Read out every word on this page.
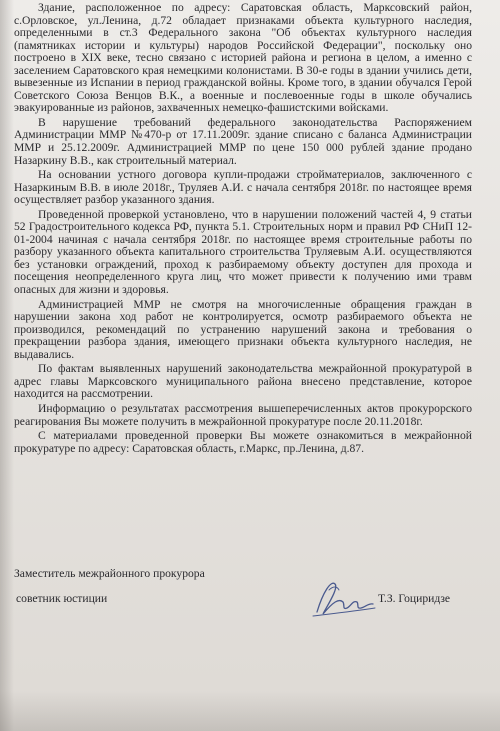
Здание, расположенное по адресу: Саратовская область, Марксовский район, с.Орловское, ул.Ленина, д.72 обладает признаками объекта культурного наследия, определенными в ст.3 Федерального закона "Об объектах культурного наследия (памятниках истории и культуры) народов Российской Федерации", поскольку оно построено в XIX веке, тесно связано с историей района и региона в целом, а именно с заселением Саратовского края немецкими колонистами. В 30-е годы в здании учились дети, вывезенные из Испании в период гражданской войны. Кроме того, в здании обучался Герой Советского Союза Венцов В.К., а военные и послевоенные годы в школе обучались эвакуированные из районов, захваченных немецко-фашистскими войсками.

В нарушение требований федерального законодательства Распоряжением Администрации ММР №470-р от 17.11.2009г. здание списано с баланса Администрации ММР и 25.12.2009г. Администрацией ММР по цене 150 000 рублей здание продано Назаркину В.В., как строительный материал.

На основании устного договора купли-продажи стройматериалов, заключенного с Назаркиным В.В. в июле 2018г., Труляев А.И. с начала сентября 2018г. по настоящее время осуществляет разбор указанного здания.

Проведенной проверкой установлено, что в нарушении положений частей 4, 9 статьи 52 Градостроительного кодекса РФ, пункта 5.1. Строительных норм и правил РФ СНиП 12-01-2004 начиная с начала сентября 2018г. по настоящее время строительные работы по разбору указанного объекта капитального строительства Труляевым А.И. осуществляются без установки ограждений, проход к разбираемому объекту доступен для прохода и посещения неопределенного круга лиц, что может привести к получению ими травм опасных для жизни и здоровья.

Администрацией ММР не смотря на многочисленные обращения граждан в нарушении закона ход работ не контролируется, осмотр разбираемого объекта не производился, рекомендаций по устранению нарушений закона и требования о прекращении разбора здания, имеющего признаки объекта культурного наследия, не выдавались.

По фактам выявленных нарушений законодательства межрайонной прокуратурой в адрес главы Марксовского муниципального района внесено представление, которое находится на рассмотрении.

Информацию о результатах рассмотрения вышеперечисленных актов прокурорского реагирования Вы можете получить в межрайонной прокуратуре после 20.11.2018г.

С материалами проведенной проверки Вы можете ознакомиться в межрайонной прокуратуре по адресу: Саратовская область, г.Маркс, пр.Ленина, д.87.

Заместитель межрайонного прокурора
советник юстиции	Т.З. Гоциридзе
